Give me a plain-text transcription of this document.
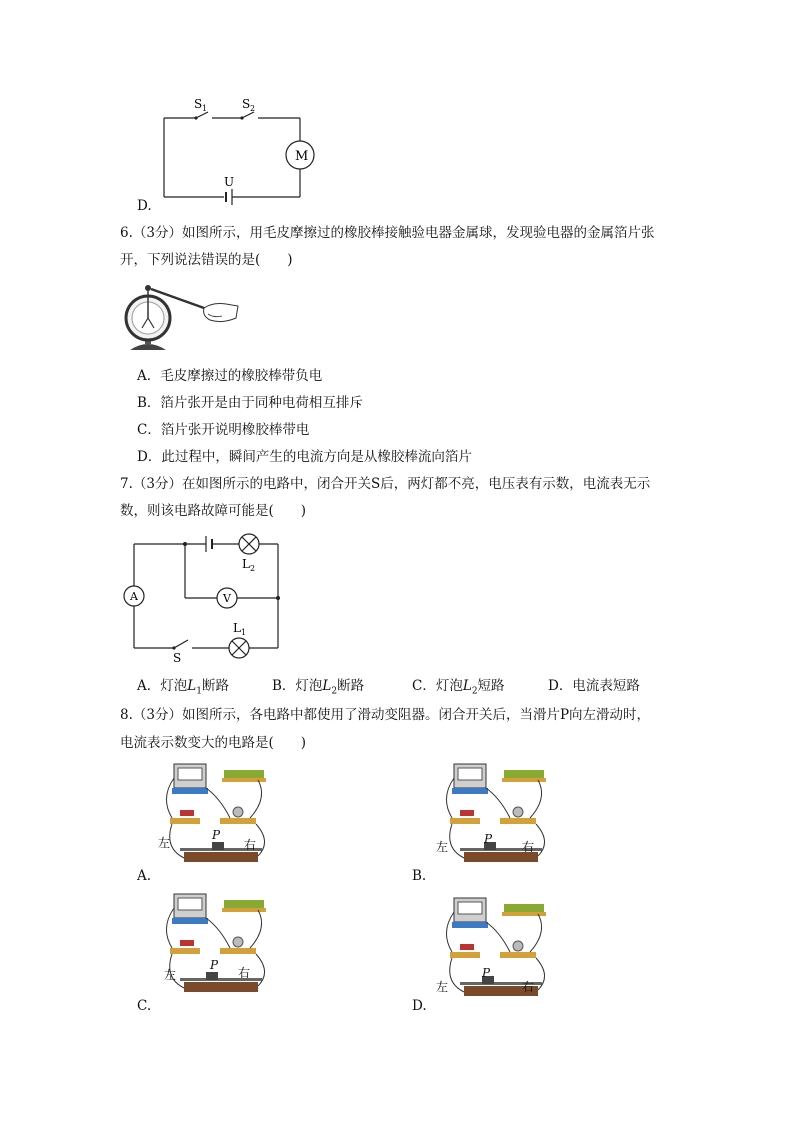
S 1	S 2
M
U
D.
6.（3分）如图所示，用毛皮摩擦过的橡胶棒接触验电器金属球，发现验电器的金属箔片张
开，下列说法错误的是(　　)
A．毛皮摩擦过的橡胶棒带负电
B．箔片张开是由于同种电荷相互排斥
C．箔片张开说明橡胶棒带电
D．此过程中，瞬间产生的电流方向是从橡胶棒流向箔片
7.（3分）在如图所示的电路中，闭合开关S后，两灯都不亮，电压表有示数，电流表无示
数，则该电路故障可能是(　　)
A	V
L 2
L 1
S
A．灯泡$L_1$断路	B．灯泡$L_2$断路	C．灯泡$L_2$短路	D．电流表短路
8.（3分）如图所示，各电路中都使用了滑动变阻器。闭合开关后，当滑片P向左滑动时，
电流表示数变大的电路是(　　)
左	右
P
A.
左	右
P
B.
左	右
P
C.
左	右
P
D.
